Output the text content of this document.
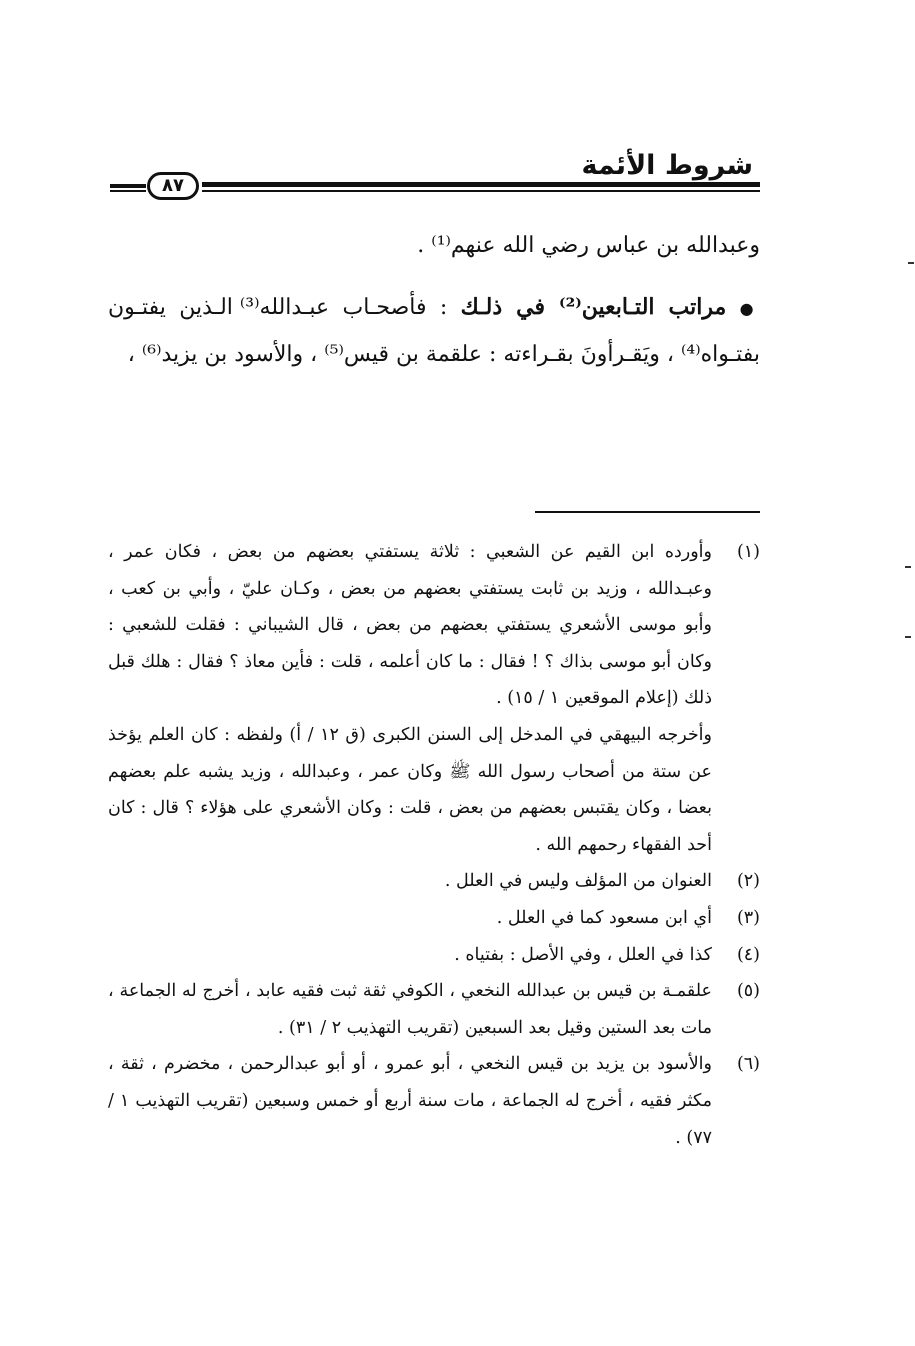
شروط الأئمة
٨٧
وعبدالله بن عباس رضي الله عنهم⁽¹⁾ .
● مراتب التـابعين⁽²⁾ في ذلـك : فأصحـاب عبـدالله⁽³⁾ الـذين يفتـون بفتـواه⁽⁴⁾ ، ويَقـرأونَ بقـراءته : علقمة بن قيس⁽⁵⁾ ، والأسود بن يزيد⁽⁶⁾ ،
(١)
وأورده ابن القيم عن الشعبي : ثلاثة يستفتي بعضهم من بعض ، فكان عمر ، وعبـدالله ، وزيد بن ثابت يستفتي بعضهم من بعض ، وكـان عليّ ، وأبي بن كعب ، وأبو موسى الأشعري يستفتي بعضهم من بعض ، قال الشيباني : فقلت للشعبي : وكان أبو موسى بذاك ؟ ! فقال : ما كان أعلمه ، قلت : فأين معاذ ؟ فقال : هلك قبل ذلك (إعلام الموقعين ١ / ١٥) .
وأخرجه البيهقي في المدخل إلى السنن الكبرى (ق ١٢ / أ) ولفظه : كان العلم يؤخذ عن ستة من أصحاب رسول الله ﷺ وكان عمر ، وعبدالله ، وزيد يشبه علم بعضهم بعضا ، وكان يقتبس بعضهم من بعض ، قلت : وكان الأشعري على هؤلاء ؟ قال : كان أحد الفقهاء رحمهم الله .
(٢)
العنوان من المؤلف وليس في العلل .
(٣)
أي ابن مسعود كما في العلل .
(٤)
كذا في العلل ، وفي الأصل : بفتياه .
(٥)
علقمـة بن قيس بن عبدالله النخعي ، الكوفي ثقة ثبت فقيه عابد ، أخرج له الجماعة ، مات بعد الستين وقيل بعد السبعين (تقريب التهذيب ٢ / ٣١) .
(٦)
والأسود بن يزيد بن قيس النخعي ، أبو عمرو ، أو أبو عبدالرحمن ، مخضرم ، ثقة ، مكثر فقيه ، أخرج له الجماعة ، مات سنة أربع أو خمس وسبعين (تقريب التهذيب ١ / ٧٧) .
